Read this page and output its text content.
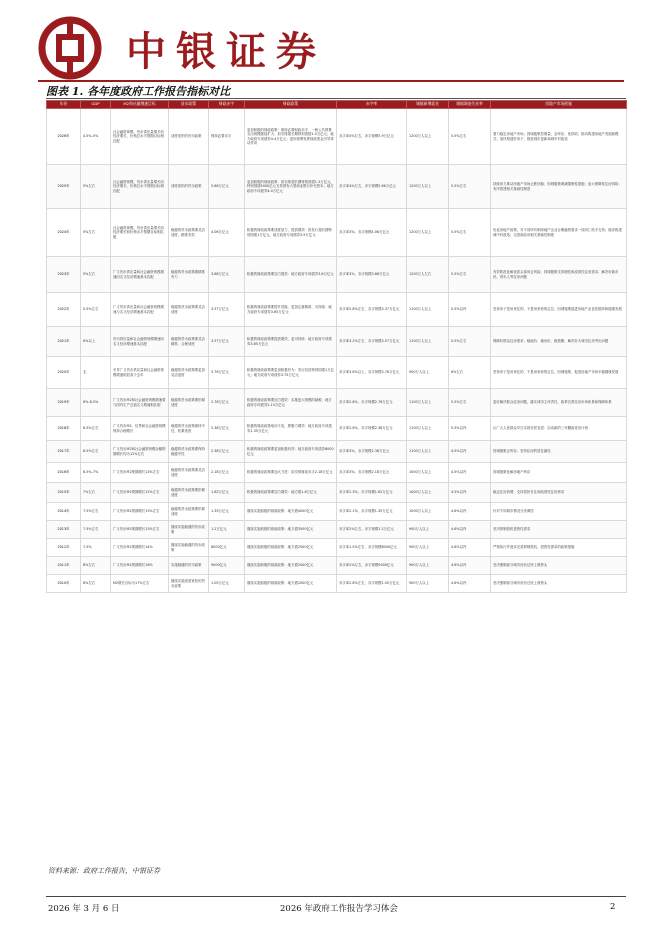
中银证券
图表 1. 各年度政府工作报告指标对比
年份	GDP	M2和社融增速目标	货币政策	财政赤字	财政政策	赤字率	城镇新增就业	城镇调查失业率	房地产市场措施
2026年	4.5%-5%	社会融资规模、货币供应量增长同经济增长、价格总水平预期目标相匹配	适度宽松的货币政策	保持必要赤字	更加积极的财政政策：保持必要财政赤字，一般公共预算支出规模继续扩大；拟安排超长期特别国债1.3万亿元；地方政府专项债券4.4万亿元；更好统筹发挥财政资金引导带动作用	赤字率4%左右，赤字规模5.9万亿元	1200万人以上	5.5%左右	着力稳定房地产市场；因城施策控增量、去库存、优供给；推动构建房地产发展新模式；加快构建好房子，推进城市更新和城中村改造
2025年	5%左右	社会融资规模、货币供应量增长同经济增长、价格总水平预期目标相匹配	适度宽松的货币政策	5.66万亿元	更加积极的财政政策：拟安排超长期特别国债1.3万亿元、特别国债5000亿元支持国有大型商业银行补充资本；地方政府专项债券4.4万亿元	赤字率4%左右，赤字规模5.66万亿元	1200万人以上	5.5%左右	持续用力推动房地产市场止跌回稳；因城施策调减限制性措施；加大保障性住房供给；有序搭建相关基础性制度
2024年	5%左右	社会融资规模、货币供应量增长同经济增长和价格水平预期目标相匹配	稳健的货币政策要灵活适度、精准有效	4.06万亿元	积极的财政政策要适度加力、提质增效：拟发行超长期特别国债1万亿元，地方政府专项债券3.9万亿元	赤字率3%，赤字规模4.06万亿元	1200万人以上	5.5%左右	优化房地产政策，对不同所有制房地产企业合理融资需求一视同仁给予支持；稳步推进城中村改造；完善商品房相关基础性制度
2023年	5%左右	广义货币供应量和社会融资规模增速同名义经济增速基本匹配	稳健的货币政策要精准有力	3.88万亿元	积极的财政政策要加力提效：地方政府专项债券3.8万亿元	赤字率3%，赤字规模3.88万亿元	1200万人左右	5.5%左右	有效防范化解优质头部房企风险；因城施策支持刚性和改善性住房需求；解决好新市民、青年人等住房问题
2022年	5.5%左右	广义货币供应量和社会融资规模增速与名义经济增速基本匹配	稳健的货币政策要灵活适度	3.37万亿元	积极的财政政策要提升效能，更加注重精准、可持续：地方政府专项债券3.65万亿元	赤字率2.8%左右，赤字规模3.37万亿元	1100万人以上	5.5%以内	坚持房子是用来住的、不是用来炒的定位；因城施策促进房地产业良性循环和健康发展
2021年	6%以上	货币供应量和社会融资规模增速同名义经济增速基本匹配	稳健的货币政策要灵活精准、合理适度	3.57万亿元	积极的财政政策要提质增效、更可持续：地方政府专项债券3.65万亿元	赤字率3.2%左右，赤字规模3.57万亿元	1100万人以上	5.5%左右	保障好群众住房需求；稳地价、稳房价、稳预期；解决好大城市住房突出问题
2020年	无	引导广义货币供应量和社会融资规模增速明显高于去年	稳健的货币政策要更加灵活适度	3.76万亿元	积极的财政政策要更加积极有为：发行抗疫特别国债1万亿元；地方政府专项债券3.75万亿元	赤字率3.6%以上，赤字规模3.76万亿元	900万人以上	6%左右	坚持房子是用来住的、不是用来炒的定位，因城施策，促进房地产市场平稳健康发展
2019年	6%-6.5%	广义货币M2和社会融资规模增速要与国内生产总值名义增速相匹配	稳健的货币政策要松紧适度	2.76万亿元	积极的财政政策要加力提效：实施更大规模的减税；地方政府专项债券2.15万亿元	赤字率2.8%，赤字规模2.76万亿元	1100万人以上	5.5%左右	更好解决群众住房问题，落实城市主体责任，改革完善住房市场体系和保障体系
2018年	6.5%左右	广义货币M2、信贷和社会融资规模保持合理增长	稳健的货币政策保持中性，松紧适度	2.38万亿元	积极的财政政策取向不变，要聚力增效：地方政府专项债券1.35万亿元	赤字率2.6%，赤字规模2.38万亿元	1100万人以上	5.5%以内	让广大人民群众早日实现安居宜居：启动新的三年棚改攻坚计划
2017年	6.5%左右	广义货币M2和社会融资规模余额预期增长均为12%左右	稳健的货币政策要保持稳健中性	2.38万亿元	积极的财政政策要更加积极有效：地方政府专项债券8000亿元	赤字率3%，赤字规模2.38万亿元	1100万人以上	4.5%以内	因城施策去库存；坚持住房的居住属性
2016年	6.5%-7%	广义货币M2预期增长13%左右	稳健的货币政策要灵活适度	2.18万亿元	积极的财政政策要加大力度：拟安排财政赤字2.18万亿元	赤字率3%，赤字规模2.18万亿元	1000万人以上	4.5%以内	因城施策化解房地产库存
2015年	7%左右	广义货币M2预期增长12%左右	稳健的货币政策要松紧适度	1.62万亿元	积极的财政政策要加力增效：地方债1.6万亿元	赤字率2.3%，赤字规模1.62万亿元	1000万人以上	4.5%以内	稳定住房消费，支持居民自住和改善性住房需求
2014年	7.5%左右	广义货币M2预期增长13%左右	稳健的货币政策要松紧适度	1.35万亿元	继续实施积极的财政政策：地方债4000亿元	赤字率2.1%，赤字规模1.35万亿元	1000万人以上	4.6%以内	针对不同城市情况分类调控
2013年	7.5%左右	广义货币M2预期增长13%左右	继续实施稳健的货币政策	1.2万亿元	继续实施积极的财政政策：地方债3500亿元	赤字率2%左右，赤字规模1.2万亿元	900万人以上	4.6%以内	坚决抑制投机投资性需求
2012年	7.5%	广义货币M2预期增长14%	继续实施稳健的货币政策	8000亿元	继续实施积极的财政政策：地方债2500亿元	赤字率1.5%左右，赤字规模8000亿元	900万人以上	4.6%以内	严格执行并逐步完善抑制投机、投资性需求的政策措施
2011年	8%左右	广义货币M2预期增长16%	实施稳健的货币政策	9000亿元	继续实施积极的财政政策：地方债2000亿元	赤字率2%左右，赤字规模9000亿元	900万人以上	4.6%以内	坚决遏制部分城市房价过快上涨势头
2010年	8%左右	M2增长目标为17%左右	继续实施适度宽松的货币政策	1.05万亿元	继续实施积极的财政政策：地方债2000亿元	赤字率2.8%左右，赤字规模1.05万亿元	900万人以上	4.6%以内	坚决遏制部分城市房价过快上涨势头
资料来源：政府工作报告，中银证券
2026 年 3 月 6 日	2026 年政府工作报告学习体会	2
